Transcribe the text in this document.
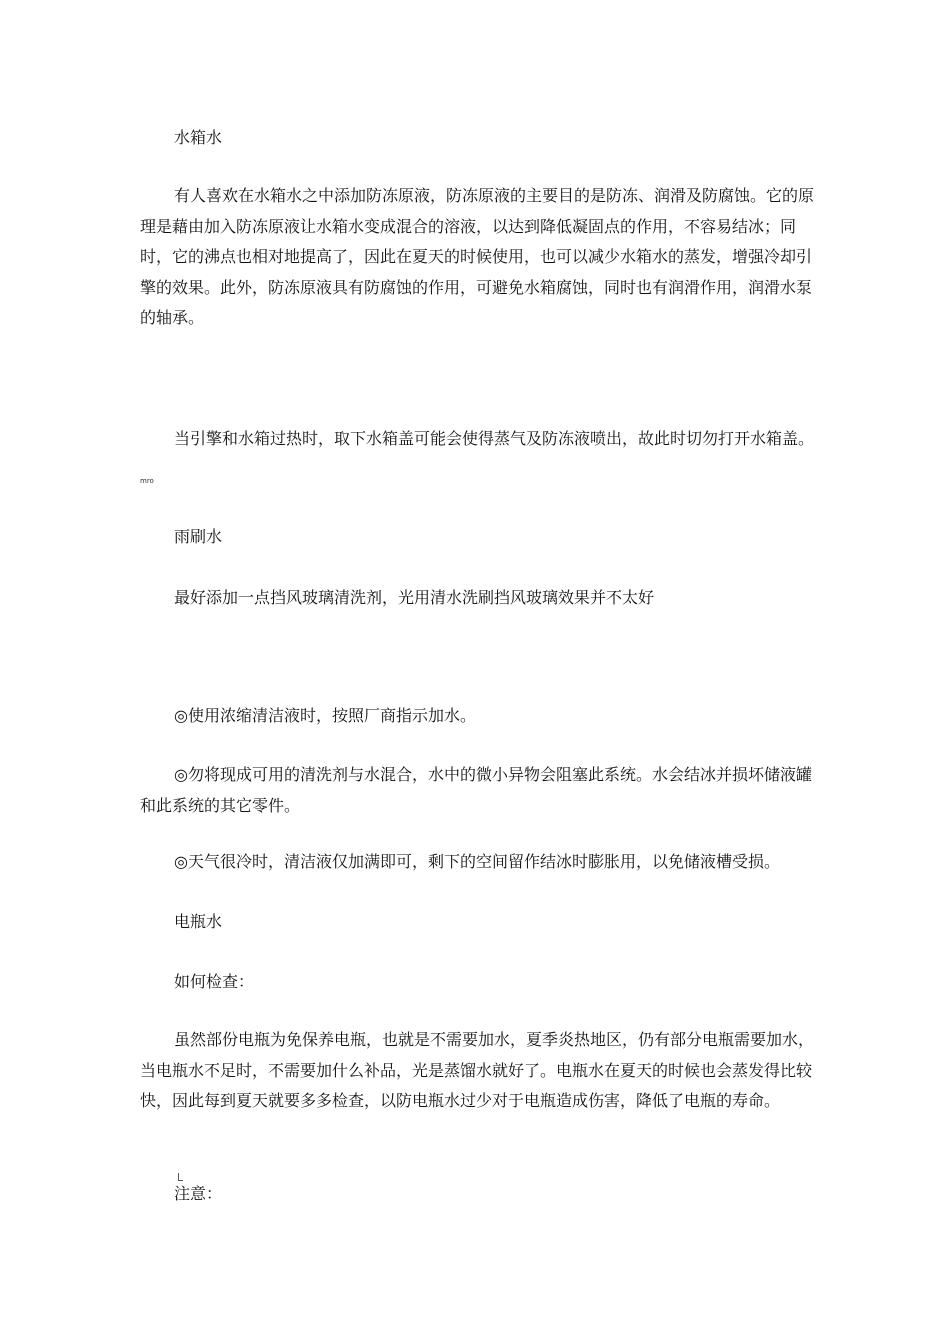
水箱水
有人喜欢在水箱水之中添加防冻原液，防冻原液的主要目的是防冻、润滑及防腐蚀。它的原理是藉由加入防冻原液让水箱水变成混合的溶液，以达到降低凝固点的作用，不容易结冰；同时，它的沸点也相对地提高了，因此在夏天的时候使用，也可以减少水箱水的蒸发，增强冷却引擎的效果。此外，防冻原液具有防腐蚀的作用，可避免水箱腐蚀，同时也有润滑作用，润滑水泵的轴承。
当引擎和水箱过热时，取下水箱盖可能会使得蒸气及防冻液喷出，故此时切勿打开水箱盖。
mro
雨刷水
最好添加一点挡风玻璃清洗剂，光用清水洗刷挡风玻璃效果并不太好
◎使用浓缩清洁液时，按照厂商指示加水。
◎勿将现成可用的清洗剂与水混合，水中的微小异物会阻塞此系统。水会结冰并损坏储液罐和此系统的其它零件。
◎天气很冷时，清洁液仅加满即可，剩下的空间留作结冰时膨胀用，以免储液槽受损。
电瓶水
如何检查：
虽然部份电瓶为免保养电瓶，也就是不需要加水，夏季炎热地区，仍有部分电瓶需要加水，当电瓶水不足时，不需要加什么补品，光是蒸馏水就好了。电瓶水在夏天的时候也会蒸发得比较快，因此每到夏天就要多多检查，以防电瓶水过少对于电瓶造成伤害，降低了电瓶的寿命。
注意：
